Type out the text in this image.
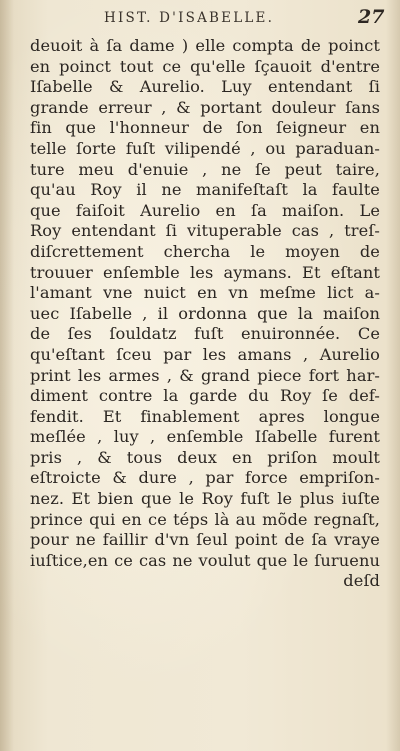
HIST. D'ISABELLE.	27
deuoit à ſa dame ) elle compta de poinct
en poinct tout ce qu'elle ſçauoit d'entre
Iſabelle & Aurelio. Luy entendant ſi
grande erreur , & portant douleur ſans
fin que l'honneur de ſon ſeigneur en
telle ſorte fuſt vilipendé , ou paraduan-
ture meu d'enuie , ne ſe peut taire,
qu'au Roy il ne manifeſtaſt la faulte
que faiſoit Aurelio en ſa maiſon. Le
Roy entendant ſi vituperable cas , treſ-
diſcrettement chercha le moyen de
trouuer enſemble les aymans. Et eſtant
l'amant vne nuict en vn meſme lict a-
uec Iſabelle , il ordonna que la maiſon
de ſes ſouldatz fuſt enuironnée. Ce
qu'eſtant ſceu par les amans , Aurelio
print les armes , & grand piece fort har-
diment contre la garde du Roy ſe def-
fendit. Et finablement apres longue
meſlée , luy , enſemble Iſabelle furent
pris , & tous deux en priſon moult
eſtroicte & dure , par force empriſon-
nez. Et bien que le Roy fuſt le plus iuſte
prince qui en ce téps là au mõde regnaſt,
pour ne faillir d'vn ſeul point de ſa vraye
iuſtice,en ce cas ne voulut que le ſuruenu
deſd
